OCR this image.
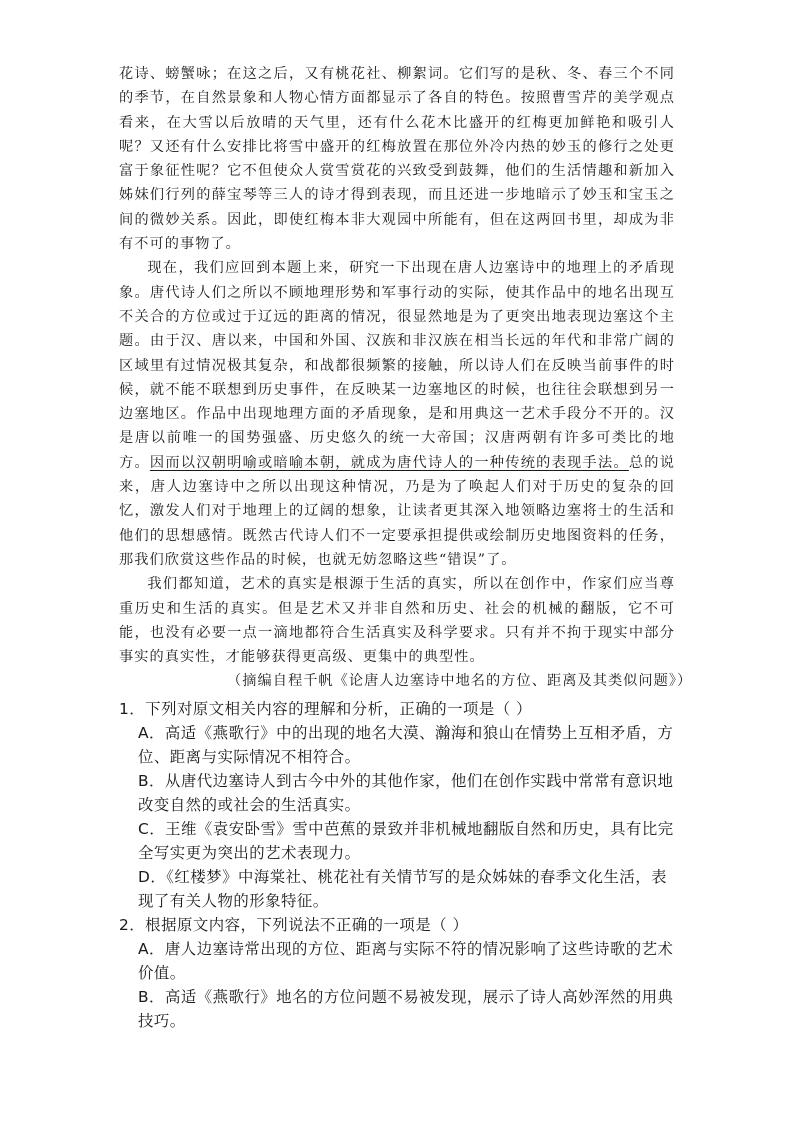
花诗、螃蟹咏；在这之后，又有桃花社、柳絮词。它们写的是秋、冬、春三个不同的季节，在自然景象和人物心情方面都显示了各自的特色。按照曹雪芹的美学观点看来，在大雪以后放晴的天气里，还有什么花木比盛开的红梅更加鲜艳和吸引人呢？又还有什么安排比将雪中盛开的红梅放置在那位外冷内热的妙玉的修行之处更富于象征性呢？它不但使众人赏雪赏花的兴致受到鼓舞，他们的生活情趣和新加入姊妹们行列的薛宝琴等三人的诗才得到表现，而且还进一步地暗示了妙玉和宝玉之间的微妙关系。因此，即使红梅本非大观园中所能有，但在这两回书里，却成为非有不可的事物了。

现在，我们应回到本题上来，研究一下出现在唐人边塞诗中的地理上的矛盾现象。唐代诗人们之所以不顾地理形势和军事行动的实际，使其作品中的地名出现互不关合的方位或过于辽远的距离的情况，很显然地是为了更突出地表现边塞这个主题。由于汉、唐以来，中国和外国、汉族和非汉族在相当长远的年代和非常广阔的区域里有过情况极其复杂，和战都很频繁的接触，所以诗人们在反映当前事件的时候，就不能不联想到历史事件，在反映某一边塞地区的时候，也往往会联想到另一边塞地区。作品中出现地理方面的矛盾现象，是和用典这一艺术手段分不开的。汉是唐以前唯一的国势强盛、历史悠久的统一大帝国；汉唐两朝有许多可类比的地方。因而以汉朝明喻或暗喻本朝，就成为唐代诗人的一种传统的表现手法。总的说来，唐人边塞诗中之所以出现这种情况，乃是为了唤起人们对于历史的复杂的回忆，激发人们对于地理上的辽阔的想象，让读者更其深入地领略边塞将士的生活和他们的思想感情。既然古代诗人们不一定要承担提供或绘制历史地图资料的任务，那我们欣赏这些作品的时候，也就无妨忽略这些“错误”了。

我们都知道，艺术的真实是根源于生活的真实，所以在创作中，作家们应当尊重历史和生活的真实。但是艺术又并非自然和历史、社会的机械的翻版，它不可能，也没有必要一点一滴地都符合生活真实及科学要求。只有并不拘于现实中部分事实的真实性，才能够获得更高级、更集中的典型性。

（摘编自程千帆《论唐人边塞诗中地名的方位、距离及其类似问题》）

1．下列对原文相关内容的理解和分析，正确的一项是（ ）

A．高适《燕歌行》中的出现的地名大漠、瀚海和狼山在情势上互相矛盾，方位、距离与实际情况不相符合。

B．从唐代边塞诗人到古今中外的其他作家，他们在创作实践中常常有意识地改变自然的或社会的生活真实。

C．王维《袁安卧雪》雪中芭蕉的景致并非机械地翻版自然和历史，具有比完全写实更为突出的艺术表现力。

D．《红楼梦》中海棠社、桃花社有关情节写的是众姊妹的春季文化生活，表现了有关人物的形象特征。

2．根据原文内容，下列说法不正确的一项是（ ）

A．唐人边塞诗常出现的方位、距离与实际不符的情况影响了这些诗歌的艺术价值。

B．高适《燕歌行》地名的方位问题不易被发现，展示了诗人高妙浑然的用典技巧。
